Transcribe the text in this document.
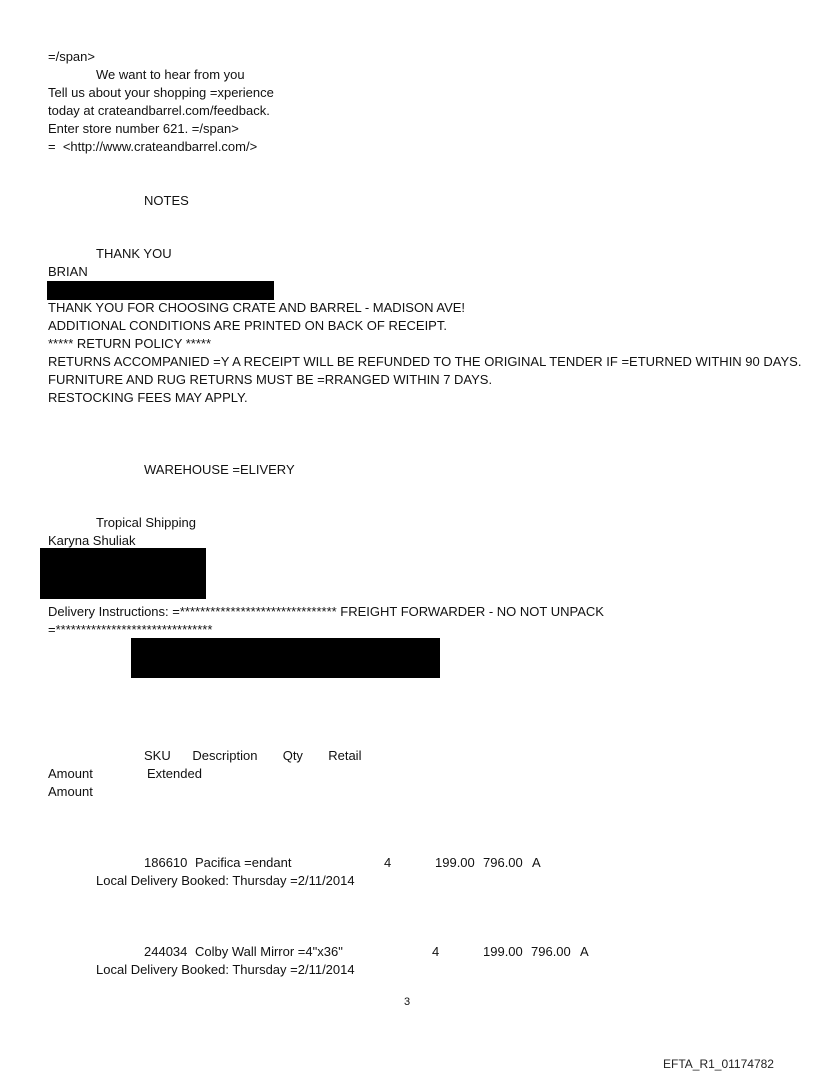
=/span>
We want to hear from you
Tell us about your shopping =xperience
today at crateandbarrel.com/feedback.
Enter store number 621. =/span>
=  <http://www.crateandbarrel.com/>
NOTES
THANK YOU
BRIAN
THANK YOU FOR CHOOSING CRATE AND BARREL - MADISON AVE!
ADDITIONAL CONDITIONS ARE PRINTED ON BACK OF RECEIPT.
***** RETURN POLICY *****
RETURNS ACCOMPANIED =Y A RECEIPT WILL BE REFUNDED TO THE ORIGINAL TENDER IF =ETURNED WITHIN 90 DAYS.
FURNITURE AND RUG RETURNS MUST BE =RRANGED WITHIN 7 DAYS.
RESTOCKING FEES MAY APPLY.
WAREHOUSE =ELIVERY
Tropical Shipping
Karyna Shuliak
Delivery Instructions: =******************************* FREIGHT FORWARDER - NO NOT UNPACK
=*******************************
SKU      Description       Qty       Retail
Amount	Extended
Amount
186610 Pacifica =endant	4	199.00 796.00 A
Local Delivery Booked: Thursday =2/11/2014
244034 Colby Wall Mirror =4"x36"	4	199.00 796.00 A
Local Delivery Booked: Thursday =2/11/2014
3
EFTA_R1_01174782
